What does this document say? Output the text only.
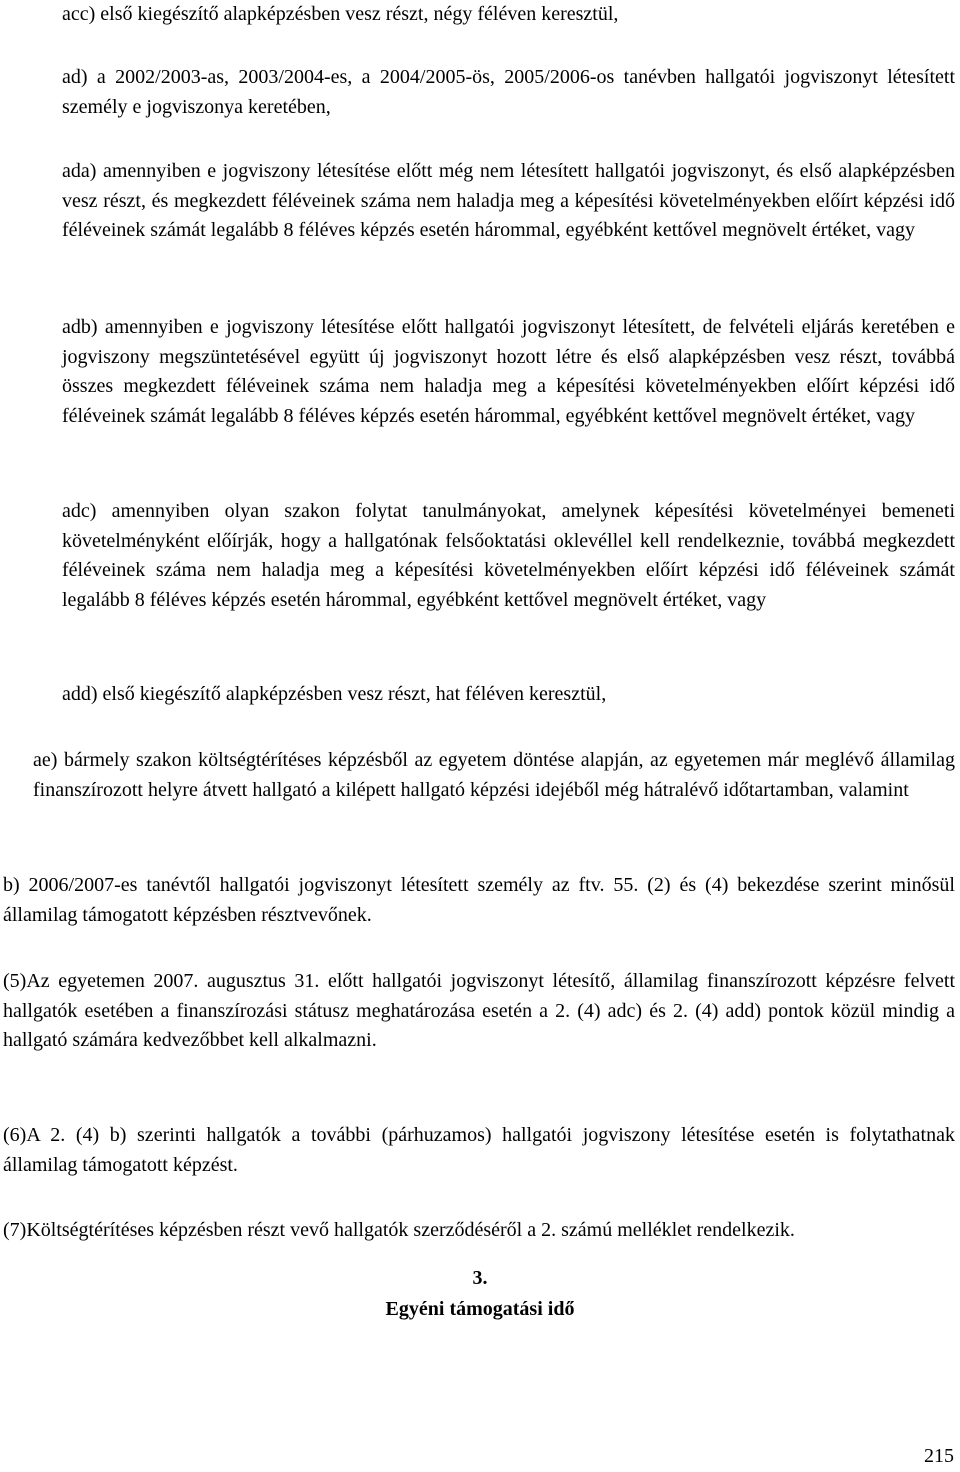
acc) első kiegészítő alapképzésben vesz részt, négy féléven keresztül,

ad) a 2002/2003-as, 2003/2004-es, a 2004/2005-ös, 2005/2006-os tanévben hallgatói jogviszonyt létesített személy e jogviszonya keretében,

ada) amennyiben e jogviszony létesítése előtt még nem létesített hallgatói jogviszonyt, és első alapképzésben vesz részt, és megkezdett féléveinek száma nem haladja meg a képesítési követelményekben előírt képzési idő féléveinek számát legalább 8 féléves képzés esetén hárommal, egyébként kettővel megnövelt értéket, vagy

adb) amennyiben e jogviszony létesítése előtt hallgatói jogviszonyt létesített, de felvételi eljárás keretében e jogviszony megszüntetésével együtt új jogviszonyt hozott létre és első alapképzésben vesz részt, továbbá összes megkezdett féléveinek száma nem haladja meg a képesítési követelményekben előírt képzési idő féléveinek számát legalább 8 féléves képzés esetén hárommal, egyébként kettővel megnövelt értéket, vagy

adc) amennyiben olyan szakon folytat tanulmányokat, amelynek képesítési követelményei bemeneti követelményként előírják, hogy a hallgatónak felsőoktatási oklevéllel kell rendelkeznie, továbbá megkezdett féléveinek száma nem haladja meg a képesítési követelményekben előírt képzési idő féléveinek számát legalább 8 féléves képzés esetén hárommal, egyébként kettővel megnövelt értéket, vagy

add) első kiegészítő alapképzésben vesz részt, hat féléven keresztül,

ae) bármely szakon költségtérítéses képzésből az egyetem döntése alapján, az egyetemen már meglévő államilag finanszírozott helyre átvett hallgató a kilépett hallgató képzési idejéből még hátralévő időtartamban, valamint

b) 2006/2007-es tanévtől hallgatói jogviszonyt létesített személy az ftv. 55. (2) és (4) bekezdése szerint minősül államilag támogatott képzésben résztvevőnek.

(5)Az egyetemen 2007. augusztus 31. előtt hallgatói jogviszonyt létesítő, államilag finanszírozott képzésre felvett hallgatók esetében a finanszírozási státusz meghatározása esetén a 2. (4) adc) és 2. (4) add) pontok közül mindig a hallgató számára kedvezőbbet kell alkalmazni.

(6)A 2. (4) b) szerinti hallgatók a további (párhuzamos) hallgatói jogviszony létesítése esetén is folytathatnak államilag támogatott képzést.

(7)Költségtérítéses képzésben részt vevő hallgatók szerződéséről a 2. számú melléklet rendelkezik.

3.

Egyéni támogatási idő

215
